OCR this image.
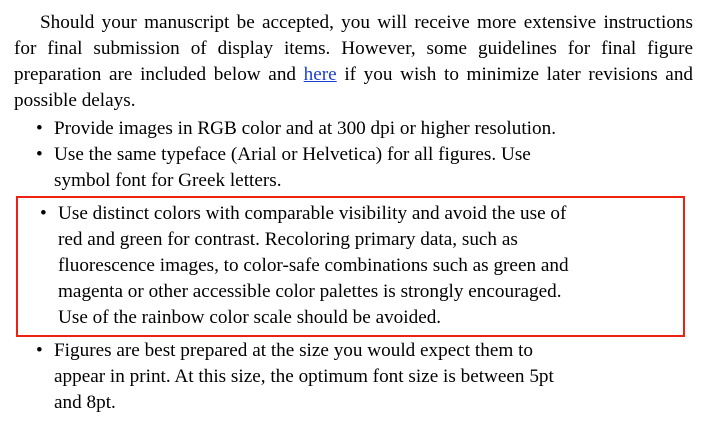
Should your manuscript be accepted, you will receive more extensive instructions for final submission of display items. However, some guidelines for final figure preparation are included below and here if you wish to minimize later revisions and possible delays.

• Provide images in RGB color and at 300 dpi or higher resolution.
• Use the same typeface (Arial or Helvetica) for all figures. Use
symbol font for Greek letters.
• Use distinct colors with comparable visibility and avoid the use of
red and green for contrast. Recoloring primary data, such as
fluorescence images, to color-safe combinations such as green and
magenta or other accessible color palettes is strongly encouraged.
Use of the rainbow color scale should be avoided.
• Figures are best prepared at the size you would expect them to
appear in print. At this size, the optimum font size is between 5pt
and 8pt.
